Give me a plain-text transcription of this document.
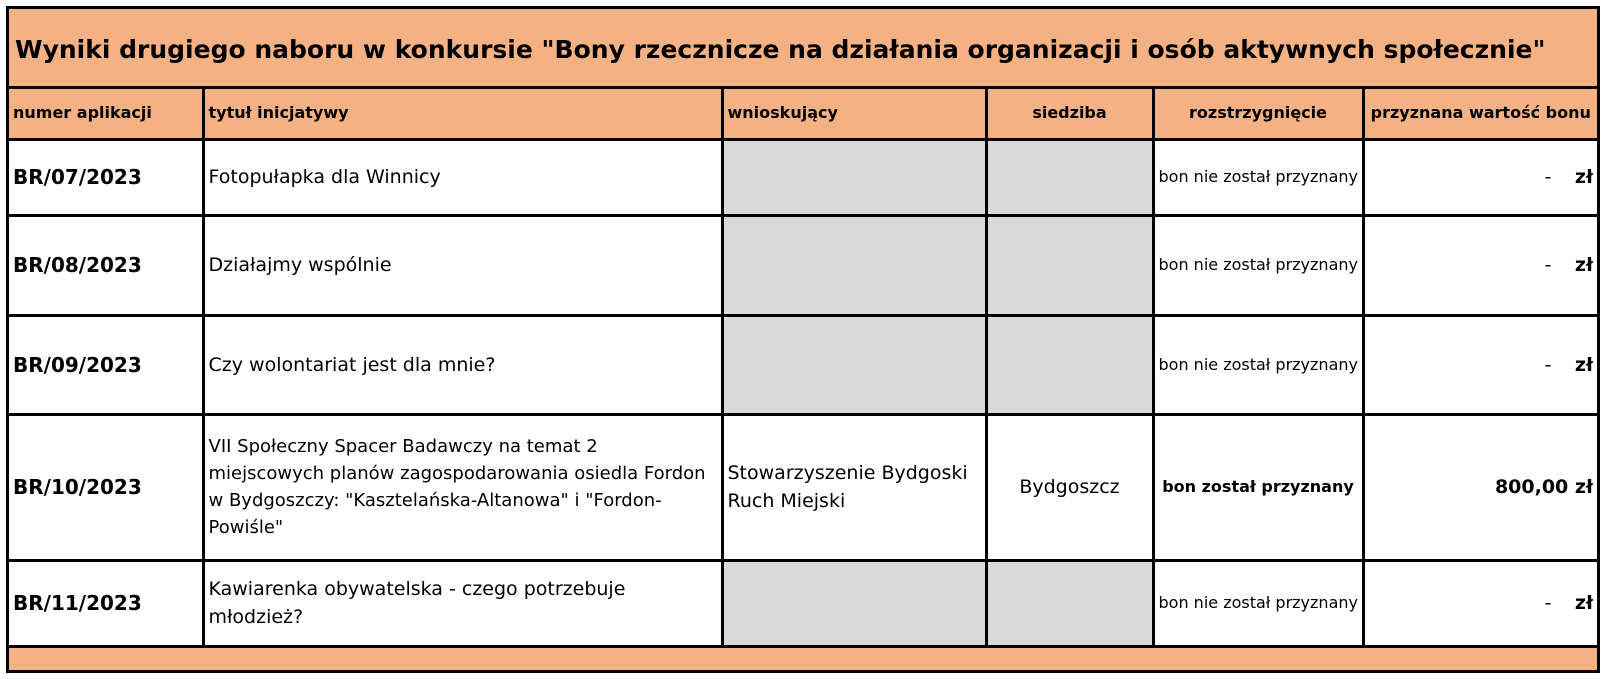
Wyniki drugiego naboru w konkursie "Bony rzecznicze na działania organizacji i osób aktywnych społecznie"
numer aplikacji	tytuł inicjatywy	wnioskujący	siedziba	rozstrzygnięcie	przyznana wartość bonu
BR/07/2023	Fotopułapka dla Winnicy			bon nie został przyznany	- zł
BR/08/2023	Działajmy wspólnie			bon nie został przyznany	- zł
BR/09/2023	Czy wolontariat jest dla mnie?			bon nie został przyznany	- zł
BR/10/2023	VII Społeczny Spacer Badawczy na temat 2 miejscowych planów zagospodarowania osiedla Fordon w Bydgoszczy: "Kasztelańska-Altanowa" i "Fordon-Powiśle"	Stowarzyszenie Bydgoski Ruch Miejski	Bydgoszcz	bon został przyznany	800,00 zł
BR/11/2023	Kawiarenka obywatelska - czego potrzebuje młodzież?			bon nie został przyznany	- zł
